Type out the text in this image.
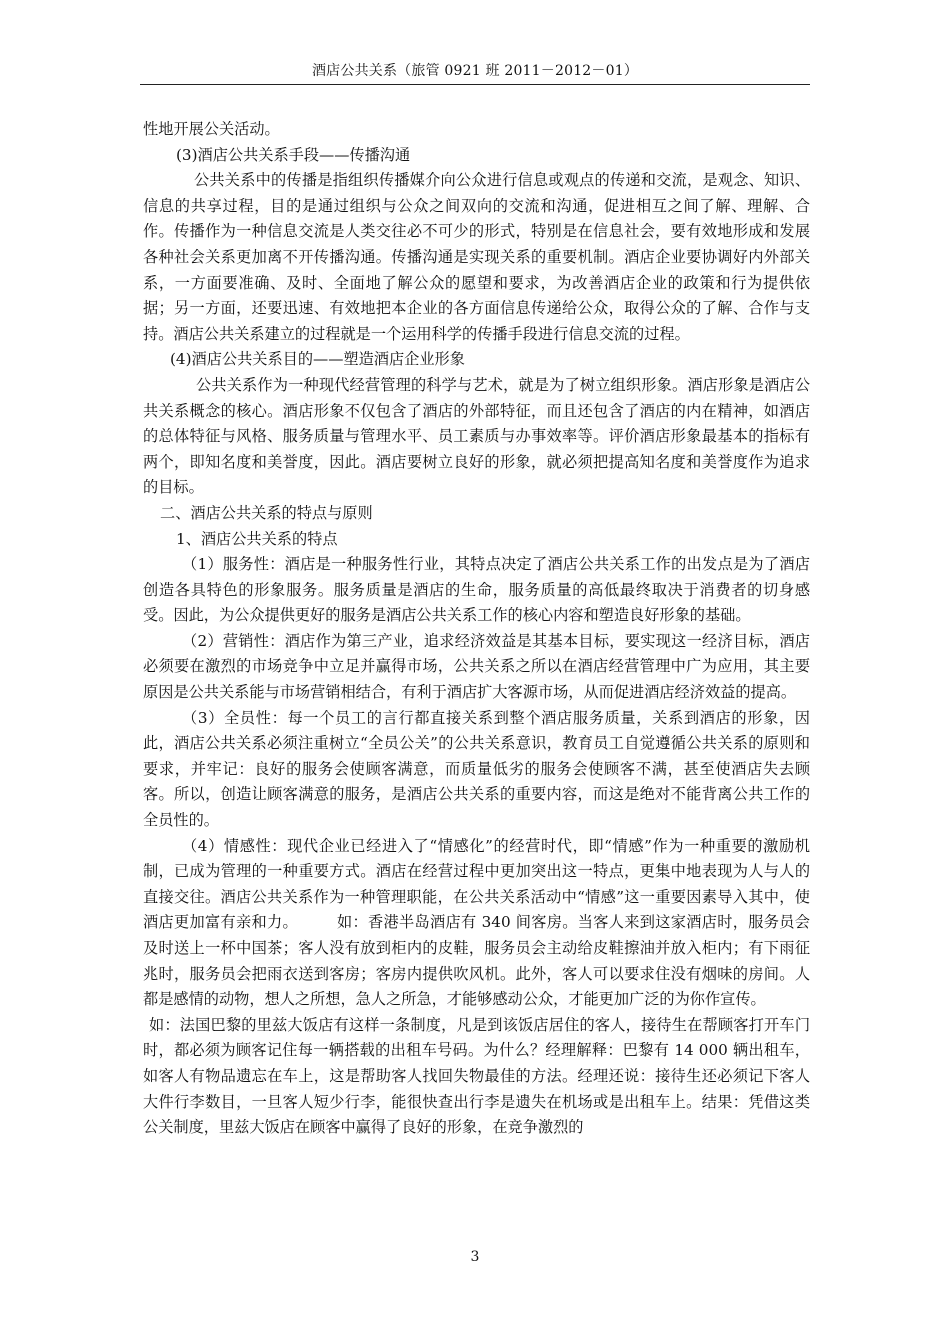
酒店公共关系（旅管 0921 班 2011－2012－01）

性地开展公关活动。

(3)酒店公共关系手段——传播沟通

公共关系中的传播是指组织传播媒介向公众进行信息或观点的传递和交流，是观念、知识、信息的共享过程，目的是通过组织与公众之间双向的交流和沟通，促进相互之间了解、理解、合作。传播作为一种信息交流是人类交往必不可少的形式，特别是在信息社会，要有效地形成和发展各种社会关系更加离不开传播沟通。传播沟通是实现关系的重要机制。酒店企业要协调好内外部关系，一方面要准确、及时、全面地了解公众的愿望和要求，为改善酒店企业的政策和行为提供依据；另一方面，还要迅速、有效地把本企业的各方面信息传递给公众，取得公众的了解、合作与支持。酒店公共关系建立的过程就是一个运用科学的传播手段进行信息交流的过程。

(4)酒店公共关系目的——塑造酒店企业形象

公共关系作为一种现代经营管理的科学与艺术，就是为了树立组织形象。酒店形象是酒店公共关系概念的核心。酒店形象不仅包含了酒店的外部特征，而且还包含了酒店的内在精神，如酒店的总体特征与风格、服务质量与管理水平、员工素质与办事效率等。评价酒店形象最基本的指标有两个，即知名度和美誉度，因此。酒店要树立良好的形象，就必须把提高知名度和美誉度作为追求的目标。

二、酒店公共关系的特点与原则

1、酒店公共关系的特点

（1）服务性：酒店是一种服务性行业，其特点决定了酒店公共关系工作的出发点是为了酒店创造各具特色的形象服务。服务质量是酒店的生命，服务质量的高低最终取决于消费者的切身感受。因此，为公众提供更好的服务是酒店公共关系工作的核心内容和塑造良好形象的基础。

（2）营销性：酒店作为第三产业，追求经济效益是其基本目标，要实现这一经济目标，酒店必须要在激烈的市场竞争中立足并赢得市场，公共关系之所以在酒店经营管理中广为应用，其主要原因是公共关系能与市场营销相结合，有利于酒店扩大客源市场，从而促进酒店经济效益的提高。

（3）全员性：每一个员工的言行都直接关系到整个酒店服务质量，关系到酒店的形象，因此，酒店公共关系必须注重树立“全员公关”的公共关系意识，教育员工自觉遵循公共关系的原则和要求，并牢记：良好的服务会使顾客满意，而质量低劣的服务会使顾客不满，甚至使酒店失去顾客。所以，创造让顾客满意的服务，是酒店公共关系的重要内容，而这是绝对不能背离公共工作的全员性的。

（4）情感性：现代企业已经进入了“情感化”的经营时代，即“情感”作为一种重要的激励机制，已成为管理的一种重要方式。酒店在经营过程中更加突出这一特点，更集中地表现为人与人的直接交往。酒店公共关系作为一种管理职能，在公共关系活动中“情感”这一重要因素导入其中，使酒店更加富有亲和力。　　　如：香港半岛酒店有 340 间客房。当客人来到这家酒店时，服务员会及时送上一杯中国茶；客人没有放到柜内的皮鞋，服务员会主动给皮鞋擦油并放入柜内；有下雨征兆时，服务员会把雨衣送到客房；客房内提供吹风机。此外，客人可以要求住没有烟味的房间。人都是感情的动物，想人之所想，急人之所急，才能够感动公众，才能更加广泛的为你作宣传。

如：法国巴黎的里兹大饭店有这样一条制度，凡是到该饭店居住的客人，接待生在帮顾客打开车门时，都必须为顾客记住每一辆搭载的出租车号码。为什么？经理解释：巴黎有 14 000 辆出租车，如客人有物品遗忘在车上，这是帮助客人找回失物最佳的方法。经理还说：接待生还必须记下客人大件行李数目，一旦客人短少行李，能很快查出行李是遗失在机场或是出租车上。结果：凭借这类公关制度，里兹大饭店在顾客中赢得了良好的形象，在竞争激烈的

3
